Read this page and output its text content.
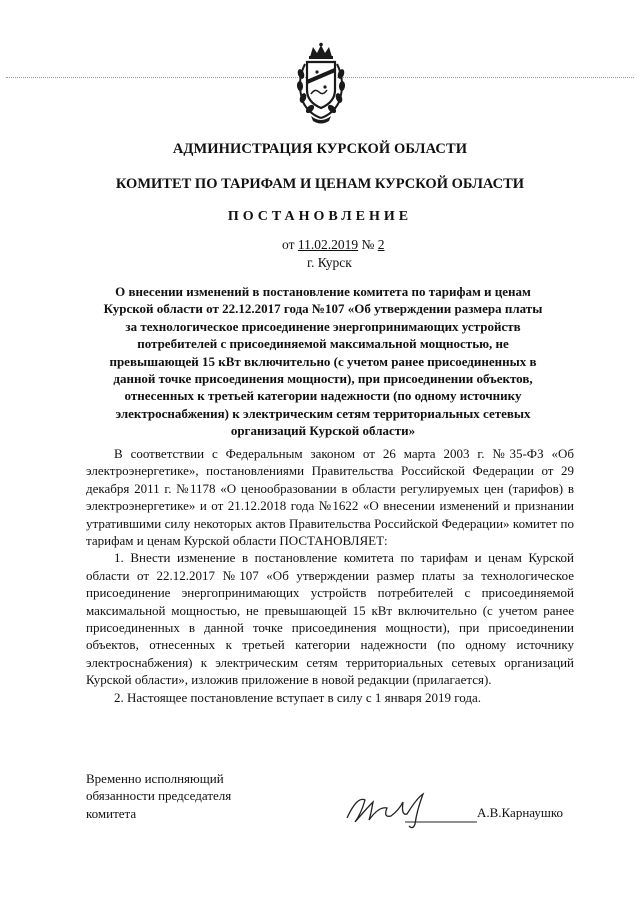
АДМИНИСТРАЦИЯ КУРСКОЙ ОБЛАСТИ
КОМИТЕТ ПО ТАРИФАМ И ЦЕНАМ КУРСКОЙ ОБЛАСТИ
ПОСТАНОВЛЕНИЕ
от 11.02.2019 № 2
г. Курск
О внесении изменений в постановление комитета по тарифам и ценам
Курской области от 22.12.2017 года №107 «Об утверждении размера платы
за технологическое присоединение энергопринимающих устройств
потребителей с присоединяемой максимальной мощностью, не
превышающей 15 кВт включительно (с учетом ранее присоединенных в
данной точке присоединения мощности), при присоединении объектов,
отнесенных к третьей категории надежности (по одному источнику
электроснабжения) к электрическим сетям территориальных сетевых
организаций Курской области»

В соответствии с Федеральным законом от 26 марта 2003 г. №35-ФЗ «Об электроэнергетике», постановлениями Правительства Российской Федерации от 29 декабря 2011 г. №1178 «О ценообразовании в области регулируемых цен (тарифов) в электроэнергетике» и от 21.12.2018 года №1622 «О внесении изменений и признании утратившими силу некоторых актов Правительства Российской Федерации» комитет по тарифам и ценам Курской области ПОСТАНОВЛЯЕТ:

1. Внести изменение в постановление комитета по тарифам и ценам Курской области от 22.12.2017 №107 «Об утверждении размер платы за технологическое присоединение энергопринимающих устройств потребителей с присоединяемой максимальной мощностью, не превышающей 15 кВт включительно (с учетом ранее присоединенных в данной точке присоединения мощности), при присоединении объектов, отнесенных к третьей категории надежности (по одному источнику электроснабжения) к электрическим сетям территориальных сетевых организаций Курской области», изложив приложение в новой редакции (прилагается).

2. Настоящее постановление вступает в силу с 1 января 2019 года.

Временно исполняющий
обязанности председателя
комитета	А.В.Карнаушко
